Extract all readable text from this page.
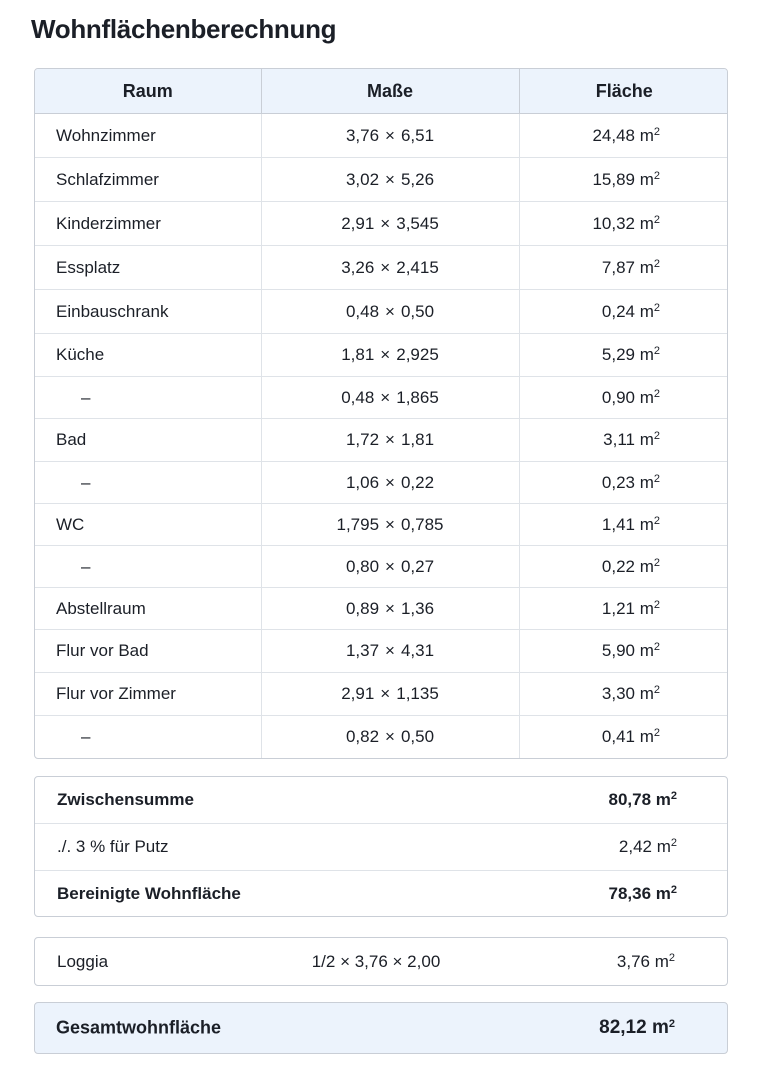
Wohnflächenberechnung
Raum	Maße	Fläche
Wohnzimmer	3,76 × 6,51	24,48 $m^2$
Schlafzimmer	3,02 × 5,26	15,89 $m^2$
Kinderzimmer	2,91 × 3,545	10,32 $m^2$
Essplatz	3,26 × 2,415	7,87 $m^2$
Einbauschrank	0,48 × 0,50	0,24 $m^2$
Küche	1,81 × 2,925	5,29 $m^2$
–	0,48 × 1,865	0,90 $m^2$
Bad	1,72 × 1,81	3,11 $m^2$
–	1,06 × 0,22	0,23 $m^2$
WC	1,795 × 0,785	1,41 $m^2$
–	0,80 × 0,27	0,22 $m^2$
Abstellraum	0,89 × 1,36	1,21 $m^2$
Flur vor Bad	1,37 × 4,31	5,90 $m^2$
Flur vor Zimmer	2,91 × 1,135	3,30 $m^2$
–	0,82 × 0,50	0,41 $m^2$
Zwischensumme	80,78 $m^2$
./. 3 % für Putz	2,42 $m^2$
Bereinigte Wohnfläche	78,36 $m^2$
Loggia	1/2 × 3,76 × 2,00	3,76 $m^2$
Gesamtwohnfläche	82,12 $m^2$
